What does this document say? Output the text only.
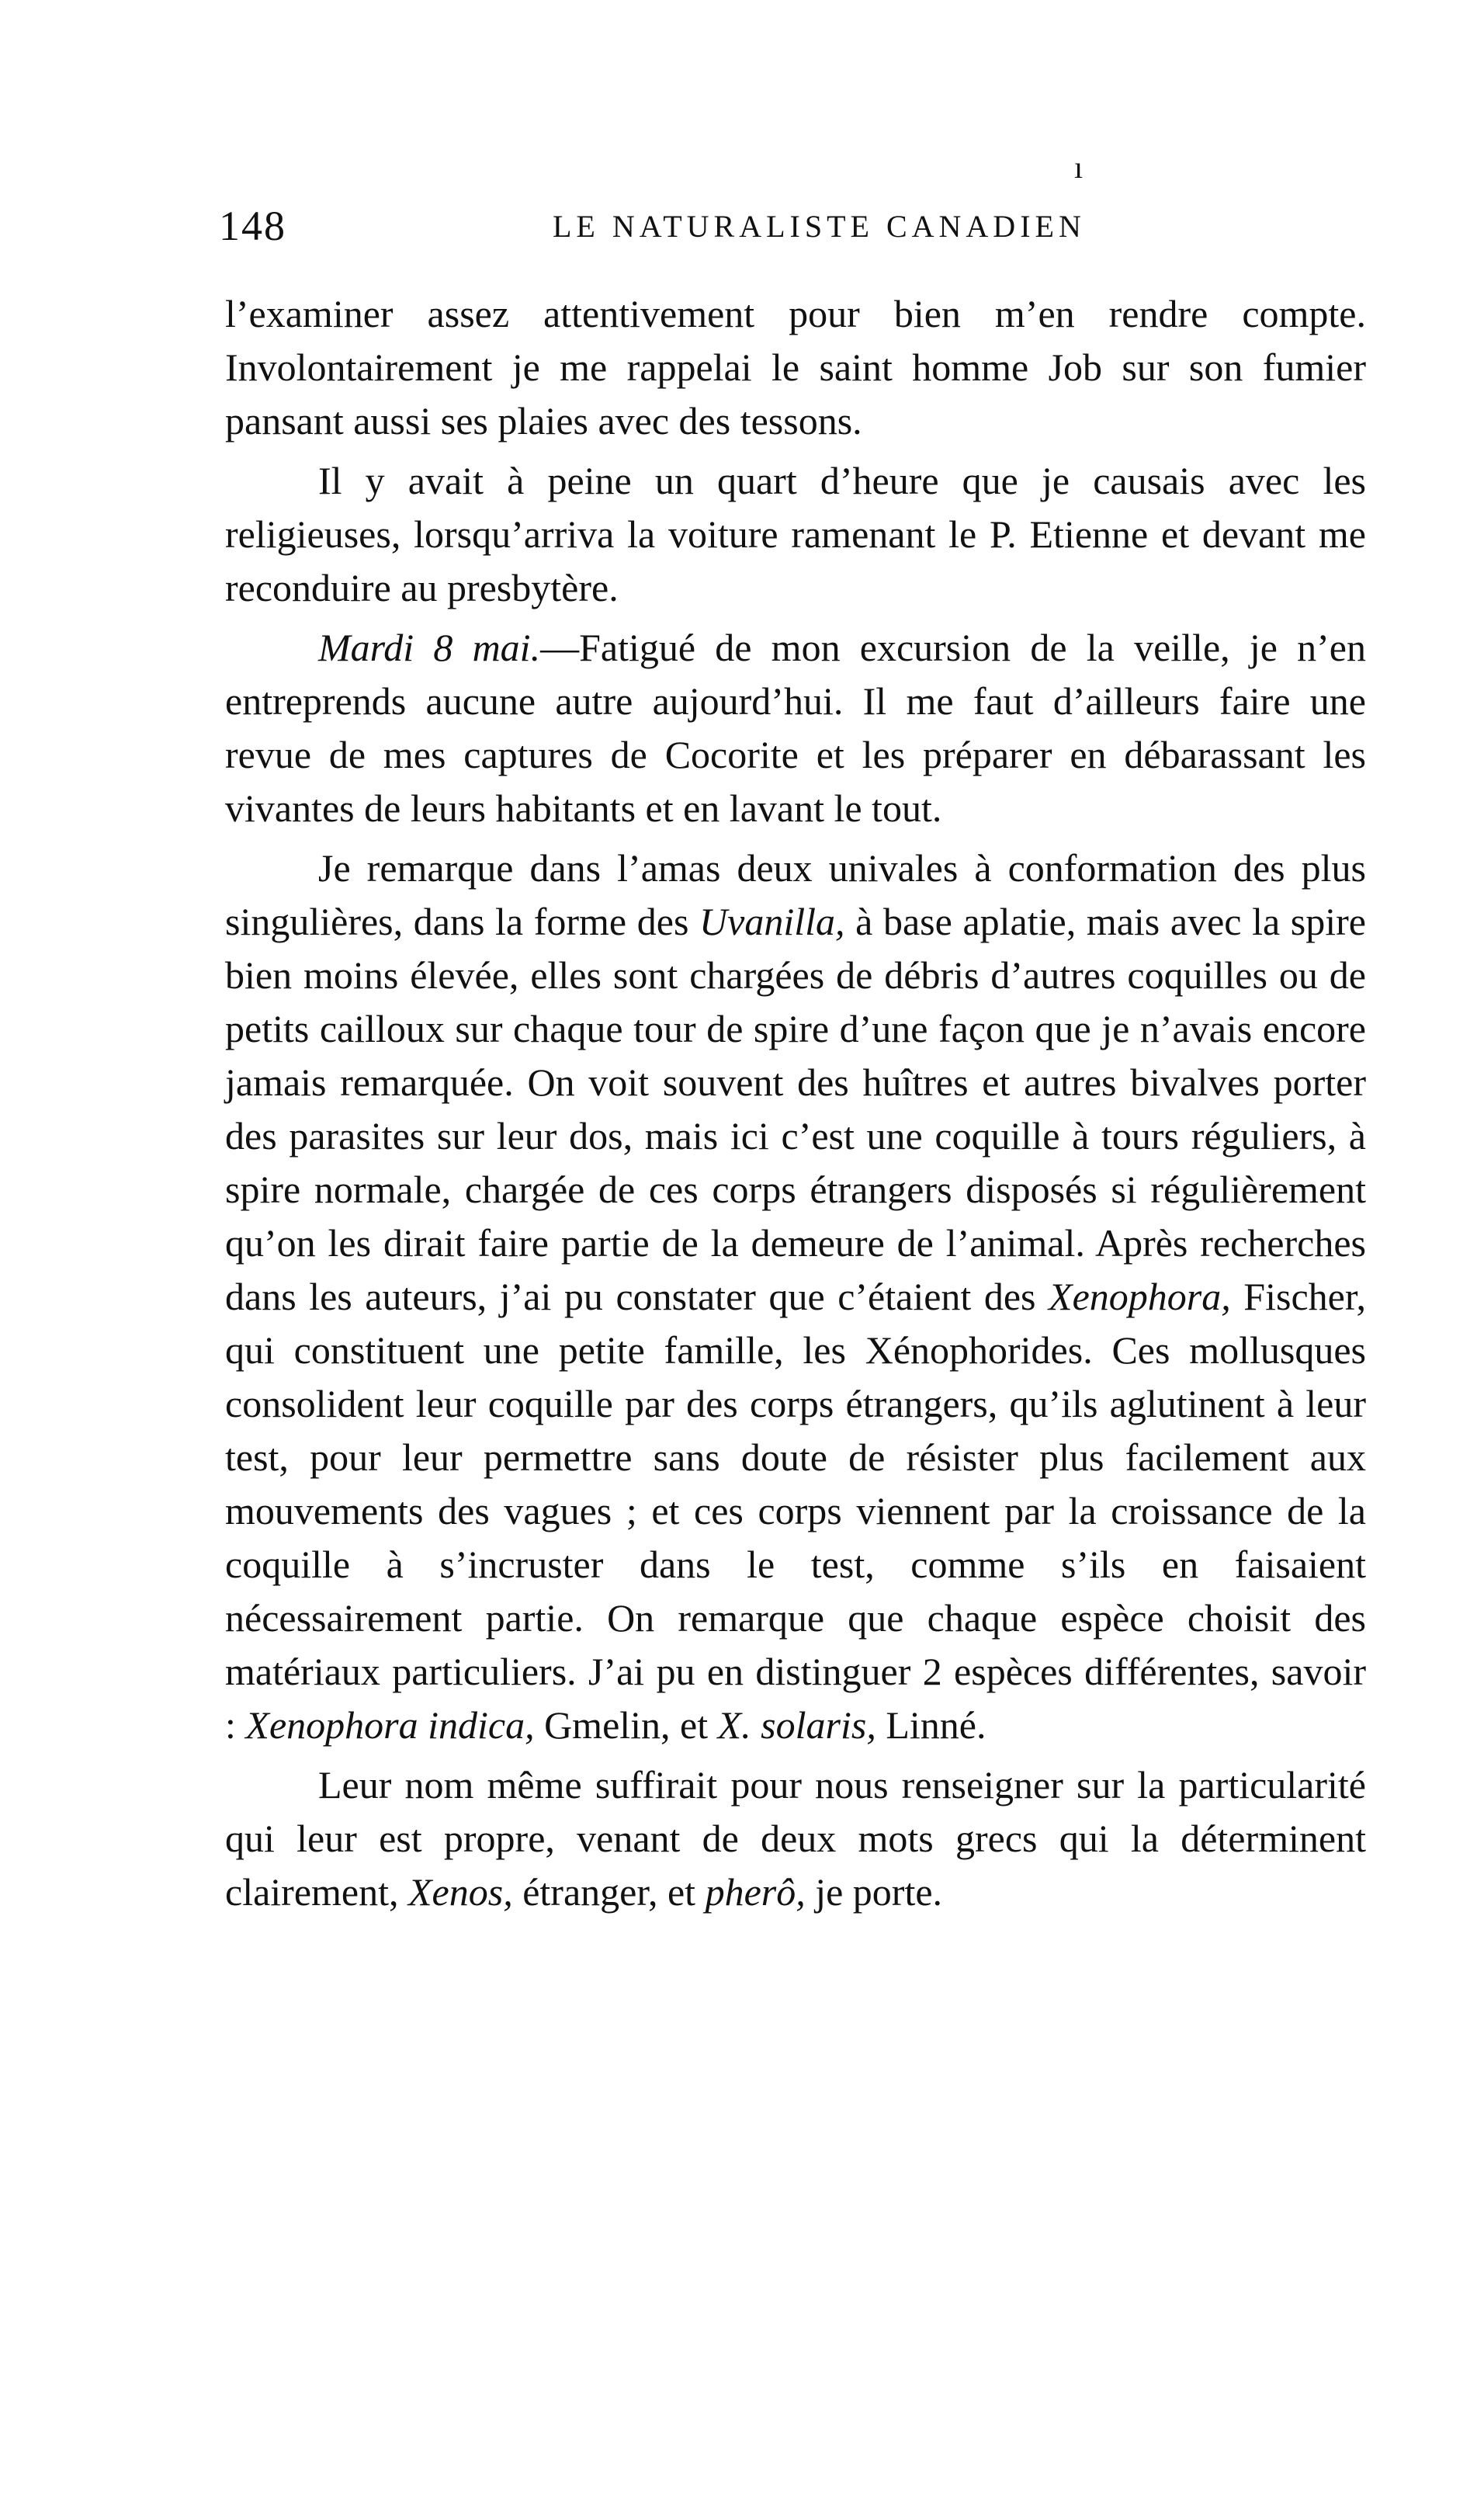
ı
148	LE NATURALISTE CANADIEN

l’examiner assez attentivement pour bien m’en rendre compte. Involontairement je me rappelai le saint homme Job sur son fumier pansant aussi ses plaies avec des tessons.

Il y avait à peine un quart d’heure que je causais avec les religieuses, lorsqu’arriva la voiture ramenant le P. Etienne et devant me reconduire au presbytère.

Mardi 8 mai.—Fatigué de mon excursion de la veille, je n’en entreprends aucune autre aujourd’hui. Il me faut d’ailleurs faire une revue de mes captures de Cocorite et les préparer en débarassant les vivantes de leurs habitants et en lavant le tout.

Je remarque dans l’amas deux univales à conformation des plus singulières, dans la forme des Uvanilla, à base aplatie, mais avec la spire bien moins élevée, elles sont chargées de débris d’autres coquilles ou de petits cailloux sur chaque tour de spire d’une façon que je n’avais encore jamais remarquée. On voit souvent des huîtres et autres bivalves porter des parasites sur leur dos, mais ici c’est une coquille à tours réguliers, à spire normale, chargée de ces corps étrangers disposés si régulièrement qu’on les dirait faire partie de la demeure de l’animal. Après recherches dans les auteurs, j’ai pu constater que c’étaient des Xenophora, Fischer, qui constituent une petite famille, les Xénophorides. Ces mollusques consolident leur coquille par des corps étrangers, qu’ils aglutinent à leur test, pour leur permettre sans doute de résister plus facilement aux mouvements des vagues ; et ces corps viennent par la croissance de la coquille à s’incruster dans le test, comme s’ils en faisaient nécessairement partie. On remarque que chaque espèce choisit des matériaux particuliers. J’ai pu en distinguer 2 espèces différentes, savoir : Xenophora indica, Gmelin, et X. solaris, Linné.

Leur nom même suffirait pour nous renseigner sur la particularité qui leur est propre, venant de deux mots grecs qui la déterminent clairement, Xenos, étranger, et pherô, je porte.
